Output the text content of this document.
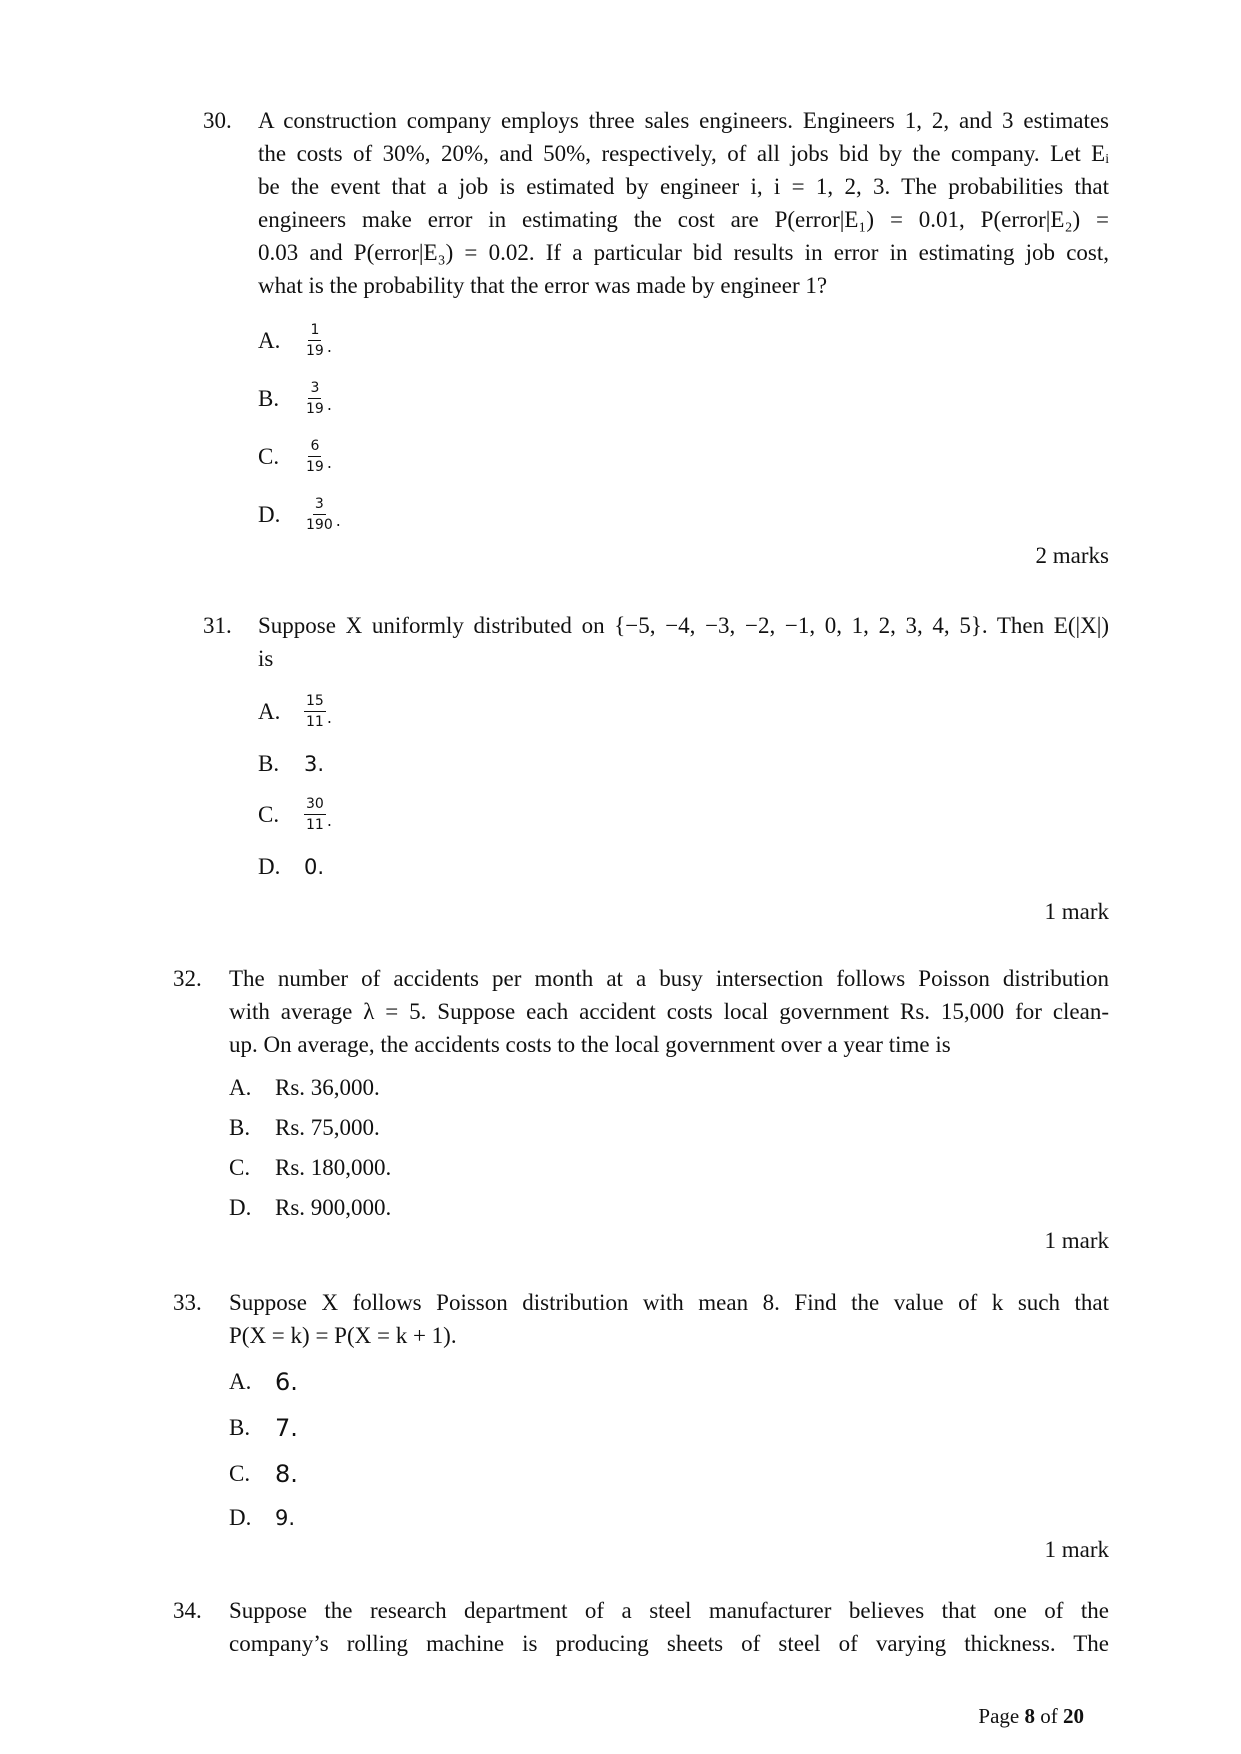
30. A construction company employs three sales engineers. Engineers 1, 2, and 3 estimates
the costs of 30%, 20%, and 50%, respectively, of all jobs bid by the company. Let Eᵢ
be the event that a job is estimated by engineer i, i = 1, 2, 3. The probabilities that
engineers make error in estimating the cost are P(error|E₁) = 0.01, P(error|E₂) =
0.03 and P(error|E₃) = 0.02. If a particular bid results in error in estimating job cost,
what is the probability that the error was made by engineer 1?
A.	$\frac{1}{19}$ .
B.	$\frac{3}{19}$ .
C.	$\frac{6}{19}$ .
D.	$\frac{3}{190}$ .
2 marks
31. Suppose X uniformly distributed on {−5, −4, −3, −2, −1, 0, 1, 2, 3, 4, 5}. Then E(|X|)
is
A.	$\frac{15}{11}$ .
B.	3.
C.	$\frac{30}{11}$ .
D.	0.
1 mark
32. The number of accidents per month at a busy intersection follows Poisson distribution
with average λ = 5. Suppose each accident costs local government Rs. 15,000 for clean-
up. On average, the accidents costs to the local government over a year time is
A.	Rs. 36,000.
B.	Rs. 75,000.
C.	Rs. 180,000.
D.	Rs. 900,000.
1 mark
33. Suppose X follows Poisson distribution with mean 8. Find the value of k such that
P(X = k) = P(X = k + 1).
A. 6.
B.	7.
C.	8.
D.	9.
1 mark
34. Suppose the research department of a steel manufacturer believes that one of the
company’s rolling machine is producing sheets of steel of varying thickness. The
Page 8 of 20
